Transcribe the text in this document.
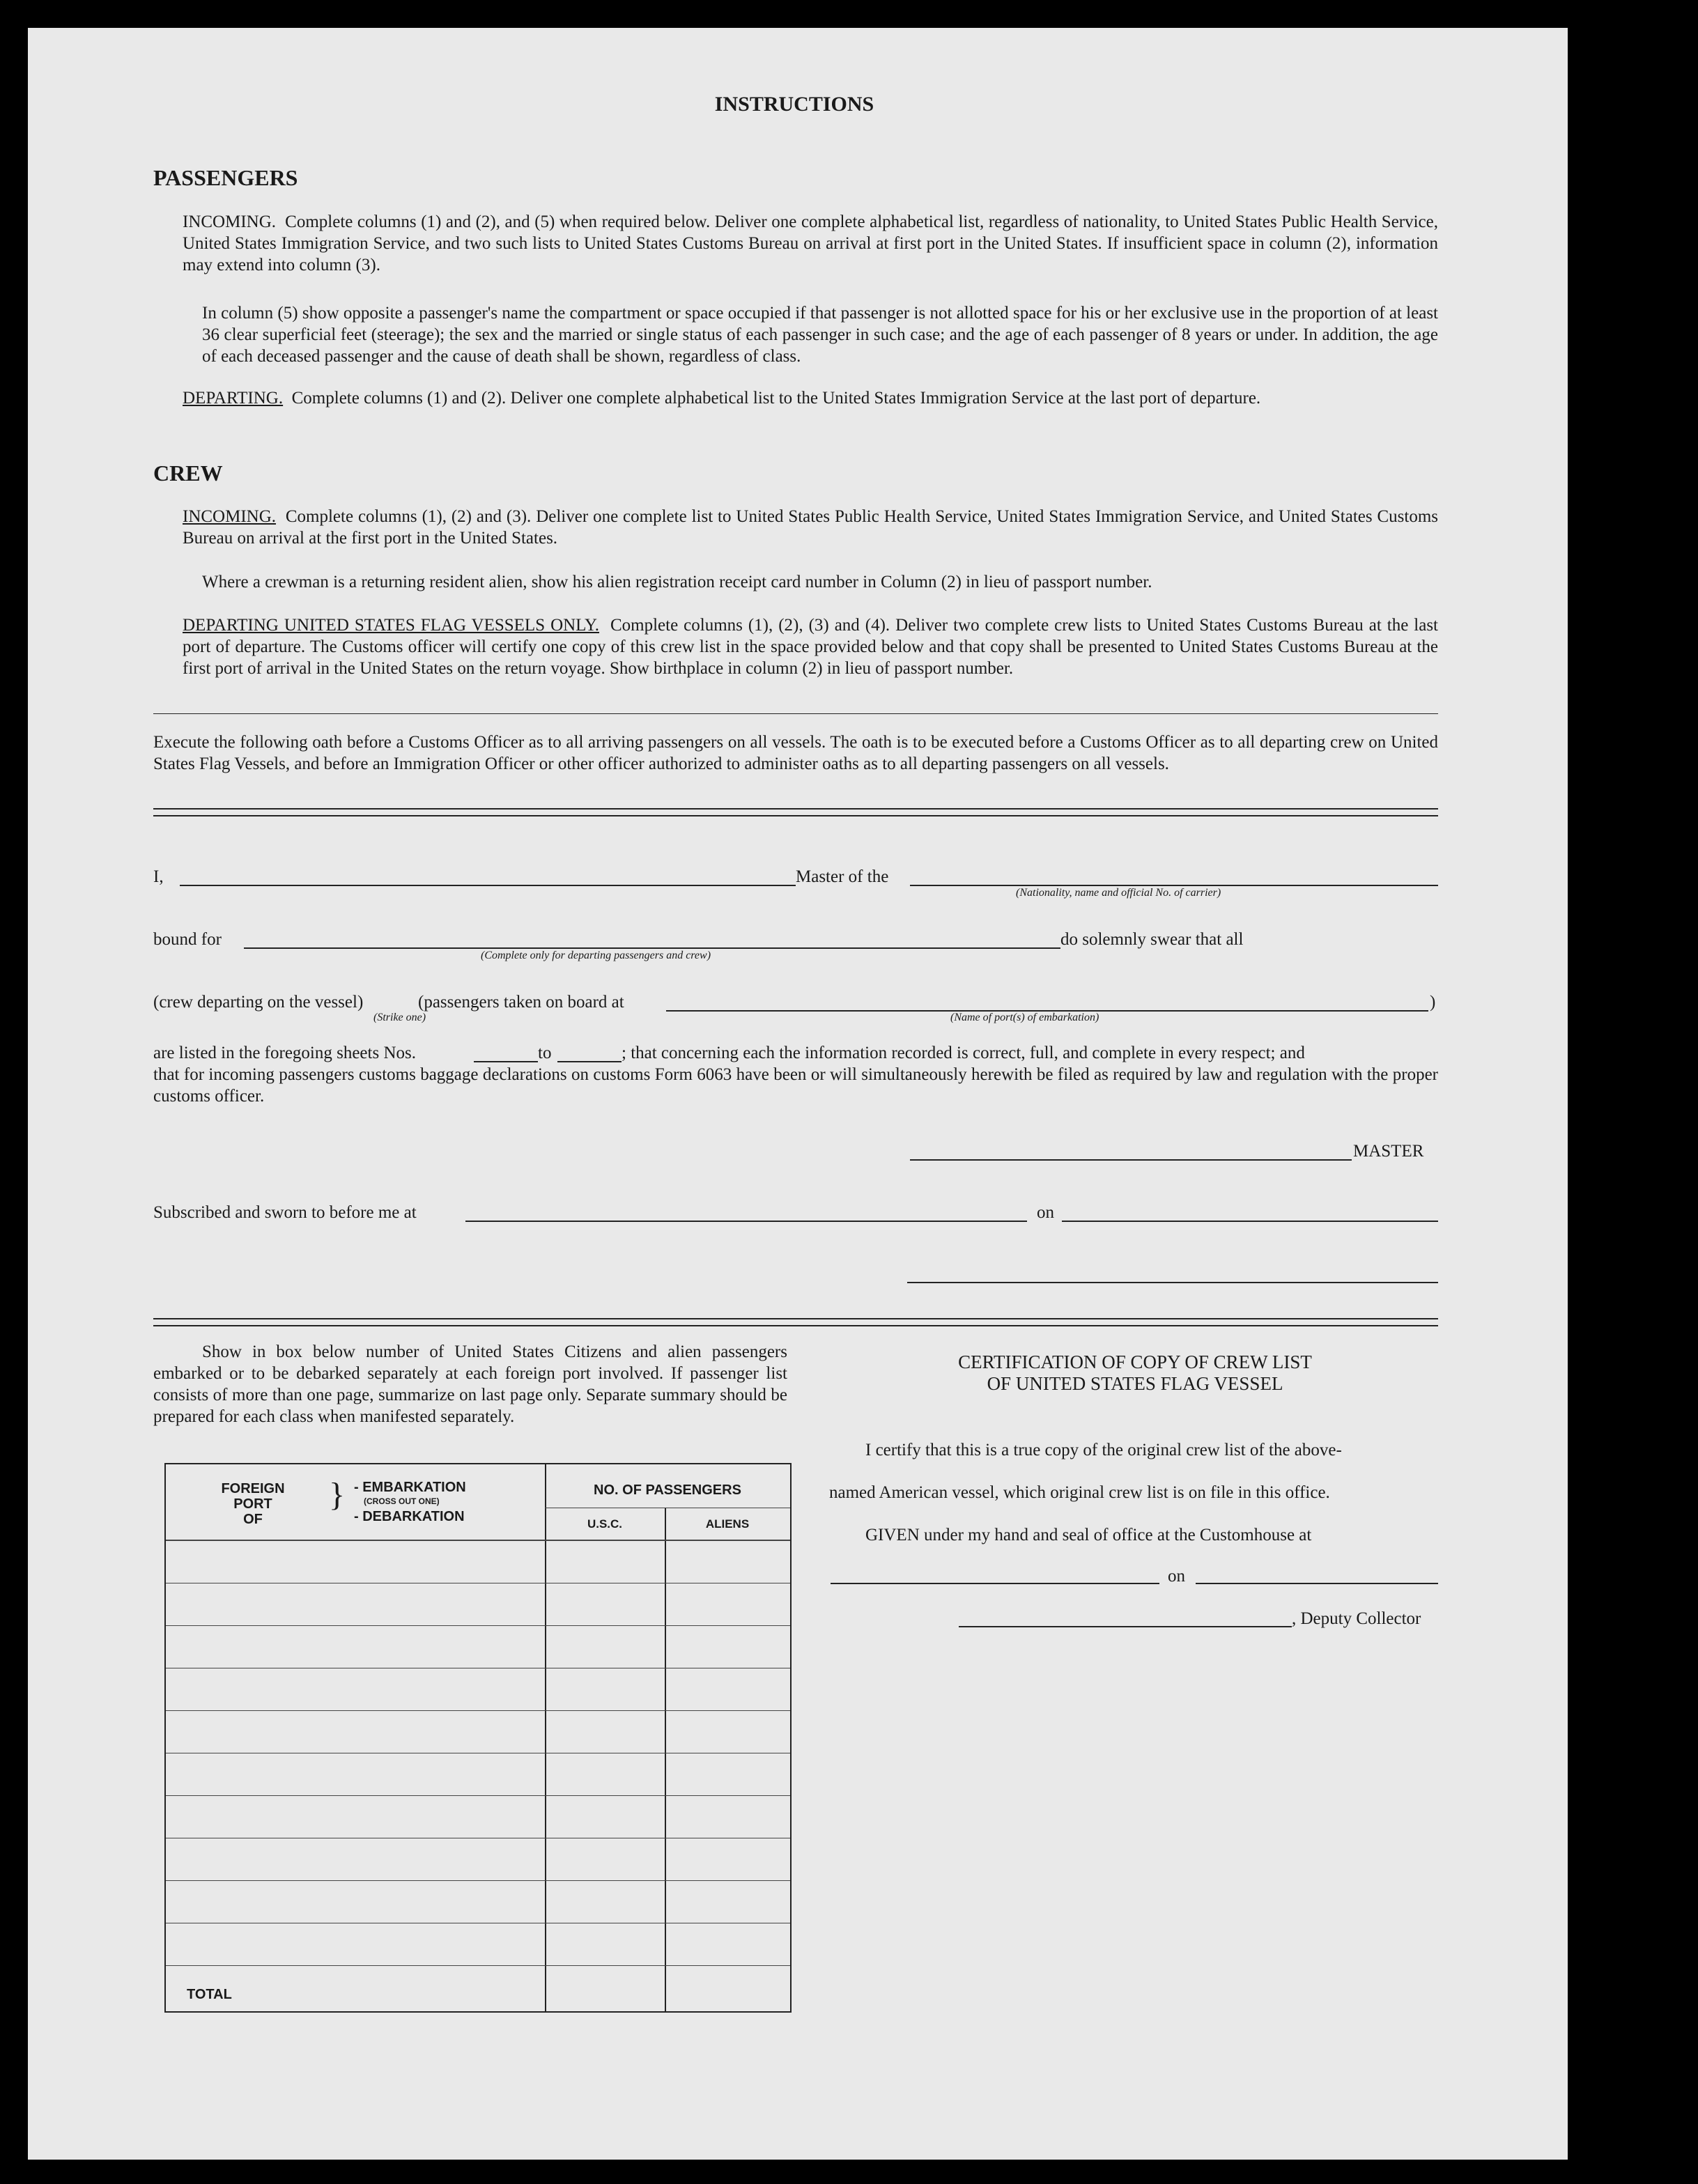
INSTRUCTIONS
PASSENGERS
INCOMING. Complete columns (1) and (2), and (5) when required below. Deliver one complete alphabetical list, regardless of nationality, to United States Public Health Service, United States Immigration Service, and two such lists to United States Customs Bureau on arrival at first port in the United States. If insufficient space in column (2), information may extend into column (3).
In column (5) show opposite a passenger's name the compartment or space occupied if that passenger is not allotted space for his or her exclusive use in the proportion of at least 36 clear superficial feet (steerage); the sex and the married or single status of each passenger in such case; and the age of each passenger of 8 years or under. In addition, the age of each deceased passenger and the cause of death shall be shown, regardless of class.
DEPARTING. Complete columns (1) and (2). Deliver one complete alphabetical list to the United States Immigration Service at the last port of departure.
CREW
INCOMING. Complete columns (1), (2) and (3). Deliver one complete list to United States Public Health Service, United States Immigration Service, and United States Customs Bureau on arrival at the first port in the United States.
Where a crewman is a returning resident alien, show his alien registration receipt card number in Column (2) in lieu of passport number.
DEPARTING UNITED STATES FLAG VESSELS ONLY. Complete columns (1), (2), (3) and (4). Deliver two complete crew lists to United States Customs Bureau at the last port of departure. The Customs officer will certify one copy of this crew list in the space provided below and that copy shall be presented to United States Customs Bureau at the first port of arrival in the United States on the return voyage. Show birthplace in column (2) in lieu of passport number.
Execute the following oath before a Customs Officer as to all arriving passengers on all vessels. The oath is to be executed before a Customs Officer as to all departing crew on United States Flag Vessels, and before an Immigration Officer or other officer authorized to administer oaths as to all departing passengers on all vessels.
I,	Master of the
(Nationality, name and official No. of carrier)
bound for
(Complete only for departing passengers and crew)
do solemnly swear that all
(crew departing on the vessel)
(Strike one)
(passengers taken on board at
(Name of port(s) of embarkation)
)
are listed in the foregoing sheets Nos.	to	; that concerning each the information recorded is correct, full, and complete in every respect; and
that for incoming passengers customs baggage declarations on customs Form 6063 have been or will simultaneously herewith be filed as required by law and regulation with the proper customs officer.
MASTER
Subscribed and sworn to before me at	on
Show in box below number of United States Citizens and alien passengers embarked or to be debarked separately at each foreign port involved. If passenger list consists of more than one page, summarize on last page only. Separate summary should be prepared for each class when manifested separately.
FOREIGN
PORT
OF
} - EMBARKATION
(CROSS OUT ONE)
- DEBARKATION
NO. OF PASSENGERS
U.S.C.	ALIENS
TOTAL
CERTIFICATION OF COPY OF CREW LIST
OF UNITED STATES FLAG VESSEL
I certify that this is a true copy of the original crew list of the above-
named American vessel, which original crew list is on file in this office.
GIVEN under my hand and seal of office at the Customhouse at
on
, Deputy Collector
